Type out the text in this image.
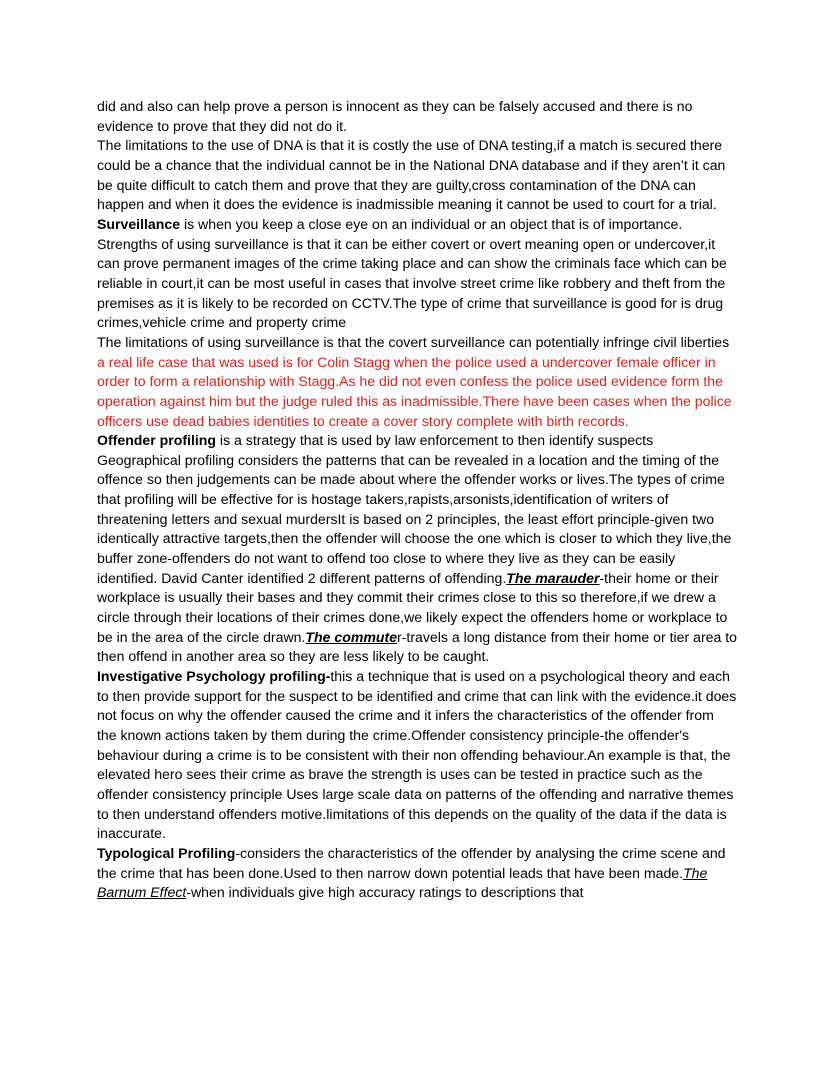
did and also can help prove a person is innocent as they can be falsely accused and there is no evidence to prove that they did not do it.

The limitations to the use of DNA is that it is costly the use of DNA testing,if a match is secured there could be a chance that the individual cannot be in the National DNA database and if they aren’t it can be quite difficult to catch them and prove that they are guilty,cross contamination of the DNA can happen and when it does the evidence is inadmissible meaning it cannot be used to court for a trial.

Surveillance is when you keep a close eye on an individual or an object that is of importance. Strengths of using surveillance is that it can be either covert or overt meaning open or undercover,it can prove permanent images of the crime taking place and can show the criminals face which can be reliable in court,it can be most useful in cases that involve street crime like robbery and theft from the premises as it is likely to be recorded on CCTV.The type of crime that surveillance is good for is drug crimes,vehicle crime and property crime

The limitations of using surveillance is that the covert surveillance can potentially infringe civil liberties a real life case that was used is for Colin Stagg when the police used a undercover female officer in order to form a relationship with Stagg.As he did not even confess the police used evidence form the operation against him but the judge ruled this as inadmissible.There have been cases when the police officers use dead babies identities to create a cover story complete with birth records.

Offender profiling is a strategy that is used by law enforcement to then identify suspects Geographical profiling considers the patterns that can be revealed in a location and the timing of the offence so then judgements can be made about where the offender works or lives.The types of crime that profiling will be effective for is hostage takers,rapists,arsonists,identification of writers of threatening letters and sexual murdersIt is based on 2 principles, the least effort principle-given two identically attractive targets,then the offender will choose the one which is closer to which they live,the buffer zone-offenders do not want to offend too close to where they live as they can be easily identified. David Canter identified 2 different patterns of offending.The marauder-their home or their workplace is usually their bases and they commit their crimes close to this so therefore,if we drew a circle through their locations of their crimes done,we likely expect the offenders home or workplace to be in the area of the circle drawn.The commuter-travels a long distance from their home or tier area to then offend in another area so they are less likely to be caught.

Investigative Psychology profiling-this a technique that is used on a psychological theory and each to then provide support for the suspect to be identified and crime that can link with the evidence.it does not focus on why the offender caused the crime and it infers the characteristics of the offender from the known actions taken by them during the crime.Offender consistency principle-the offender's behaviour during a crime is to be consistent with their non offending behaviour.An example is that, the elevated hero sees their crime as brave the strength is uses can be tested in practice such as the offender consistency principle Uses large scale data on patterns of the offending and narrative themes to then understand offenders motive.limitations of this depends on the quality of the data if the data is inaccurate.

Typological Profiling-considers the characteristics of the offender by analysing the crime scene and the crime that has been done.Used to then narrow down potential leads that have been made.The Barnum Effect-when individuals give high accuracy ratings to descriptions that
